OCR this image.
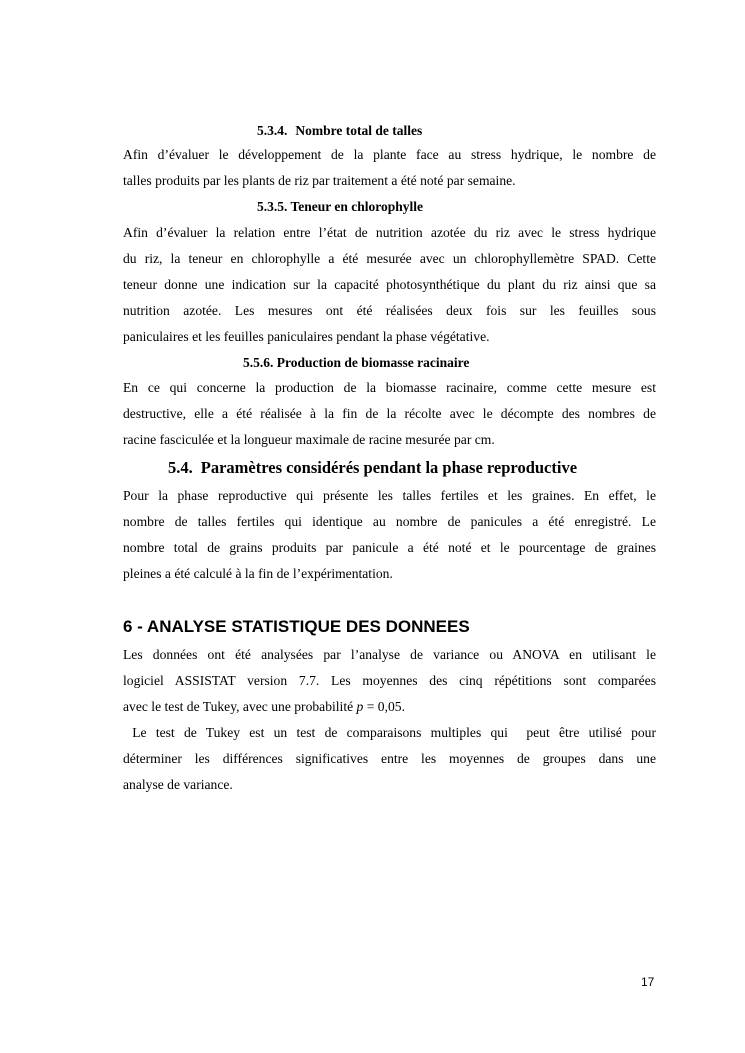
5.3.4. Nombre total de talles
Afin d’évaluer le développement de la plante face au stress hydrique, le nombre de
talles produits par les plants de riz par traitement a été noté par semaine.
5.3.5. Teneur en chlorophylle
Afin d’évaluer la relation entre l’état de nutrition azotée du riz avec le stress hydrique
du riz, la teneur en chlorophylle a été mesurée avec un chlorophyllemètre SPAD. Cette
teneur donne une indication sur la capacité photosynthétique du plant du riz ainsi que sa
nutrition azotée. Les mesures ont été réalisées deux fois sur les feuilles sous
paniculaires et les feuilles paniculaires pendant la phase végétative.
5.5.6. Production de biomasse racinaire
En ce qui concerne la production de la biomasse racinaire, comme cette mesure est
destructive, elle a été réalisée à la fin de la récolte avec le décompte des nombres de
racine fasciculée et la longueur maximale de racine mesurée par cm.
5.4. Paramètres considérés pendant la phase reproductive
Pour la phase reproductive qui présente les talles fertiles et les graines. En effet, le
nombre de talles fertiles qui identique au nombre de panicules a été enregistré. Le
nombre total de grains produits par panicule a été noté et le pourcentage de graines
pleines a été calculé à la fin de l’expérimentation.
6 - ANALYSE STATISTIQUE DES DONNEES
Les données ont été analysées par l’analyse de variance ou ANOVA en utilisant le
logiciel ASSISTAT version 7.7. Les moyennes des cinq répétitions sont comparées
avec le test de Tukey, avec une probabilité p = 0,05.
Le test de Tukey est un test de comparaisons multiples qui  peut être utilisé pour
déterminer les différences significatives entre les moyennes de groupes dans une
analyse de variance.
17
